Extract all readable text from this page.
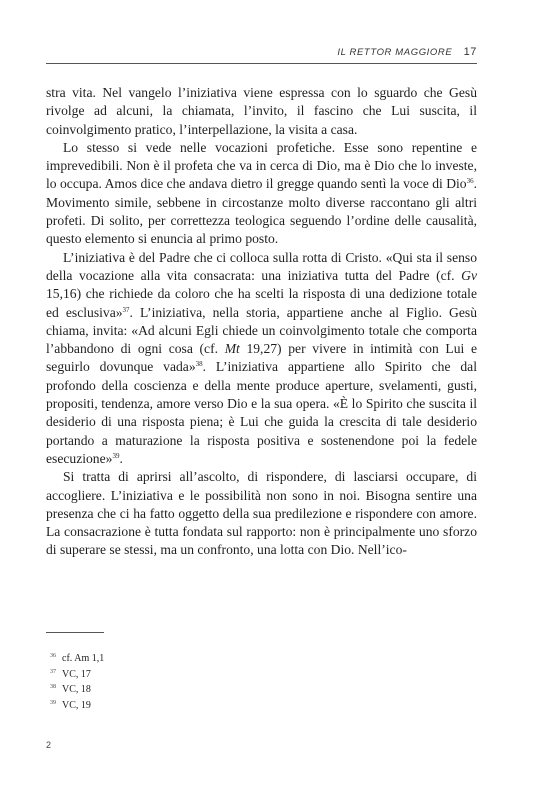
IL RETTOR MAGGIORE 17

stra vita. Nel vangelo l’iniziativa viene espressa con lo sguardo che Gesù rivolge ad alcuni, la chiamata, l’invito, il fascino che Lui suscita, il coinvolgimento pratico, l’interpellazione, la visita a casa.

Lo stesso si vede nelle vocazioni profetiche. Esse sono repentine e imprevedibili. Non è il profeta che va in cerca di Dio, ma è Dio che lo investe, lo occupa. Amos dice che andava dietro il gregge quando sentì la voce di Dio$^{36}$. Movimento simile, sebbene in circostanze molto diverse raccontano gli altri profeti. Di solito, per correttezza teologica seguendo l’ordine delle causalità, questo elemento si enuncia al primo posto.

L’iniziativa è del Padre che ci colloca sulla rotta di Cristo. «Qui sta il senso della vocazione alla vita consacrata: una iniziativa tutta del Padre (cf. Gv 15,16) che richiede da coloro che ha scelti la risposta di una dedizione totale ed esclusiva»$^{37}$. L’iniziativa, nella storia, appartiene anche al Figlio. Gesù chiama, invita: «Ad alcuni Egli chiede un coinvolgimento totale che comporta l’abbandono di ogni cosa (cf. Mt 19,27) per vivere in intimità con Lui e seguirlo dovunque vada»$^{38}$. L’iniziativa appartiene allo Spirito che dal profondo della coscienza e della mente produce aperture, svelamenti, gusti, propositi, tendenza, amore verso Dio e la sua opera. «È lo Spirito che suscita il desiderio di una risposta piena; è Lui che guida la crescita di tale desiderio portando a maturazione la risposta positiva e sostenendone poi la fedele esecuzione»$^{39}$.

Si tratta di aprirsi all’ascolto, di rispondere, di lasciarsi occupare, di accogliere. L’iniziativa e le possibilità non sono in noi. Bisogna sentire una presenza che ci ha fatto oggetto della sua predilezione e rispondere con amore. La consacrazione è tutta fondata sul rapporto: non è principalmente uno sforzo di superare se stessi, ma un confronto, una lotta con Dio. Nell’ico-

$^{36}$ cf. Am 1,1
$^{37}$ VC, 17
$^{38}$ VC, 18
$^{39}$ VC, 19
2
